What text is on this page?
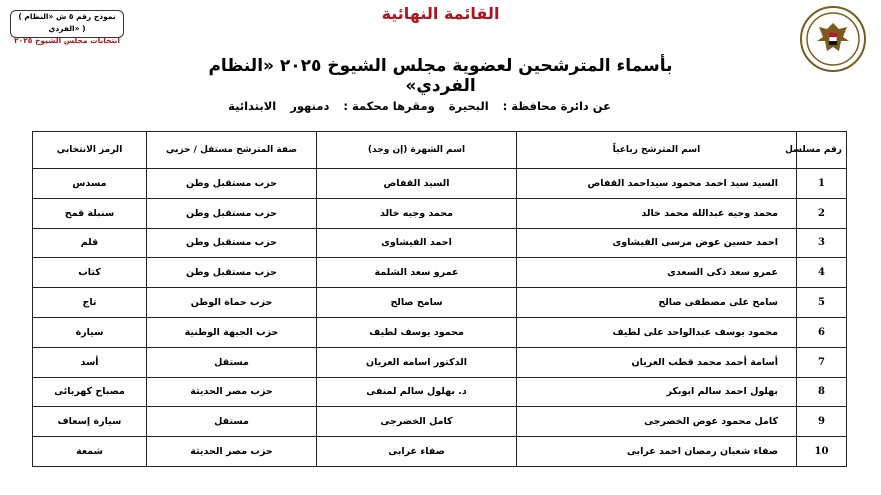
( نموذج رقم ٥ ش «النظام الفردي» )
انتخابات مجلس الشيوخ ٢٠٢٥
القائمة النهائية
بأسماء المترشحين لعضوية مجلس الشيوخ ٢٠٢٥ «النظام الفردي»
عن دائرة محافظة :
البحيرة
ومقرها محكمة :
دمنهور
الابتدائية
رقم مسلسل	اسم المترشح رباعياً	اسم الشهرة (إن وجد)	صفة المترشح مستقل / حزبي	الرمز الانتخابي
1	السيد سيد احمد محمود سيداحمد القفاص	السيد القفاص	حزب مستقبل وطن	مسدس
2	محمد وجيه عبدالله محمد خالد	محمد وجيه خالد	حزب مستقبل وطن	سنبلة قمح
3	احمد حسين عوض مرسى الفيشاوى	احمد الفيشاوى	حزب مستقبل وطن	قلم
4	عمرو سعد ذكى السعدى	عمرو سعد الشلمة	حزب مستقبل وطن	كتاب
5	سامح على مصطفى صالح	سامح صالح	حزب حماة الوطن	تاج
6	محمود يوسف عبدالواحد على لطيف	محمود يوسف لطيف	حزب الجبهة الوطنية	سيارة
7	أسامة أحمد محمد قطب العريان	الدكتور اسامه العريان	مستقل	أسد
8	بهلول احمد سالم ابوبكر	د. بهلول سالم لمنفى	حزب مصر الحديثة	مصباح كهربائى
9	كامل محمود عوض الخضرجى	كامل الخضرجى	مستقل	سيارة إسعاف
10	صفاء شعبان رمضان احمد عرابى	صفاء عرابى	حزب مصر الحديثة	شمعة
